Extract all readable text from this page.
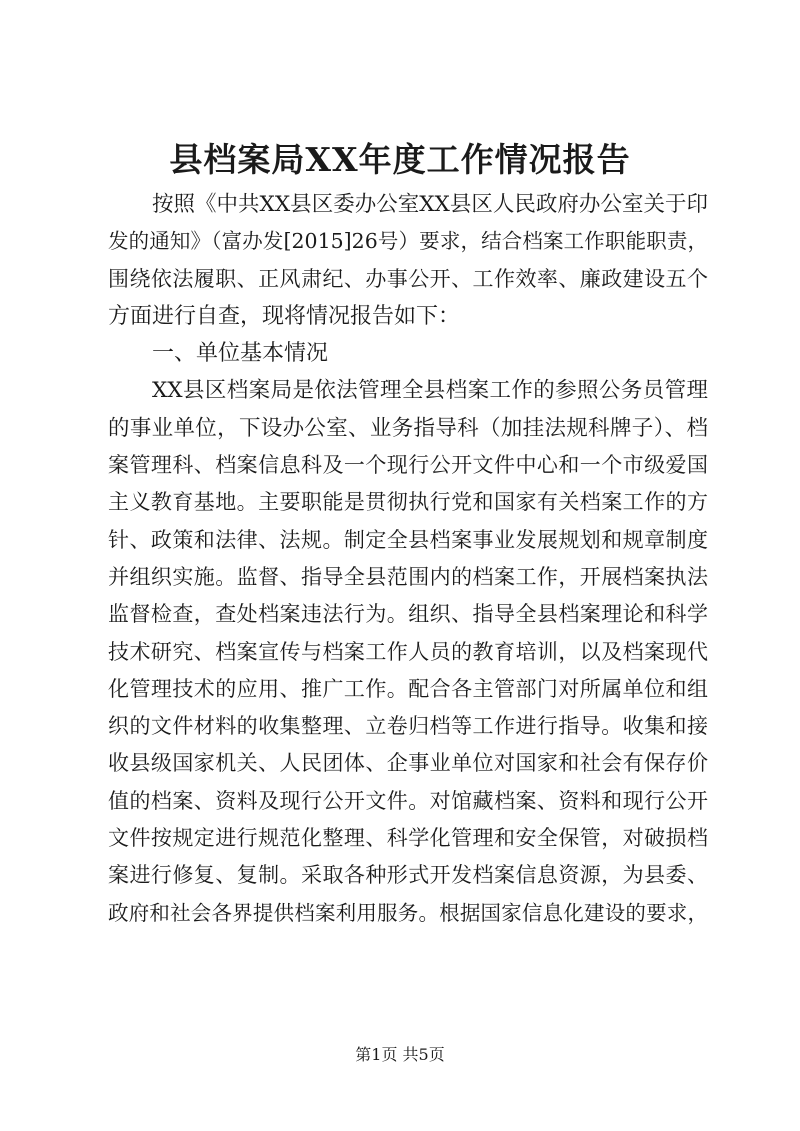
县档案局XX年度工作情况报告
按照《中共XX县区委办公室XX县区人民政府办公室关于印
发的通知》（富办发[2015]26号）要求，结合档案工作职能职责，
围绕依法履职、正风肃纪、办事公开、工作效率、廉政建设五个
方面进行自查，现将情况报告如下：
一、单位基本情况
XX县区档案局是依法管理全县档案工作的参照公务员管理
的事业单位，下设办公室、业务指导科（加挂法规科牌子）、档
案管理科、档案信息科及一个现行公开文件中心和一个市级爱国
主义教育基地。主要职能是贯彻执行党和国家有关档案工作的方
针、政策和法律、法规。制定全县档案事业发展规划和规章制度
并组织实施。监督、指导全县范围内的档案工作，开展档案执法
监督检查，查处档案违法行为。组织、指导全县档案理论和科学
技术研究、档案宣传与档案工作人员的教育培训，以及档案现代
化管理技术的应用、推广工作。配合各主管部门对所属单位和组
织的文件材料的收集整理、立卷归档等工作进行指导。收集和接
收县级国家机关、人民团体、企事业单位对国家和社会有保存价
值的档案、资料及现行公开文件。对馆藏档案、资料和现行公开
文件按规定进行规范化整理、科学化管理和安全保管，对破损档
案进行修复、复制。采取各种形式开发档案信息资源，为县委、
政府和社会各界提供档案利用服务。根据国家信息化建设的要求，
第1页 共5页
